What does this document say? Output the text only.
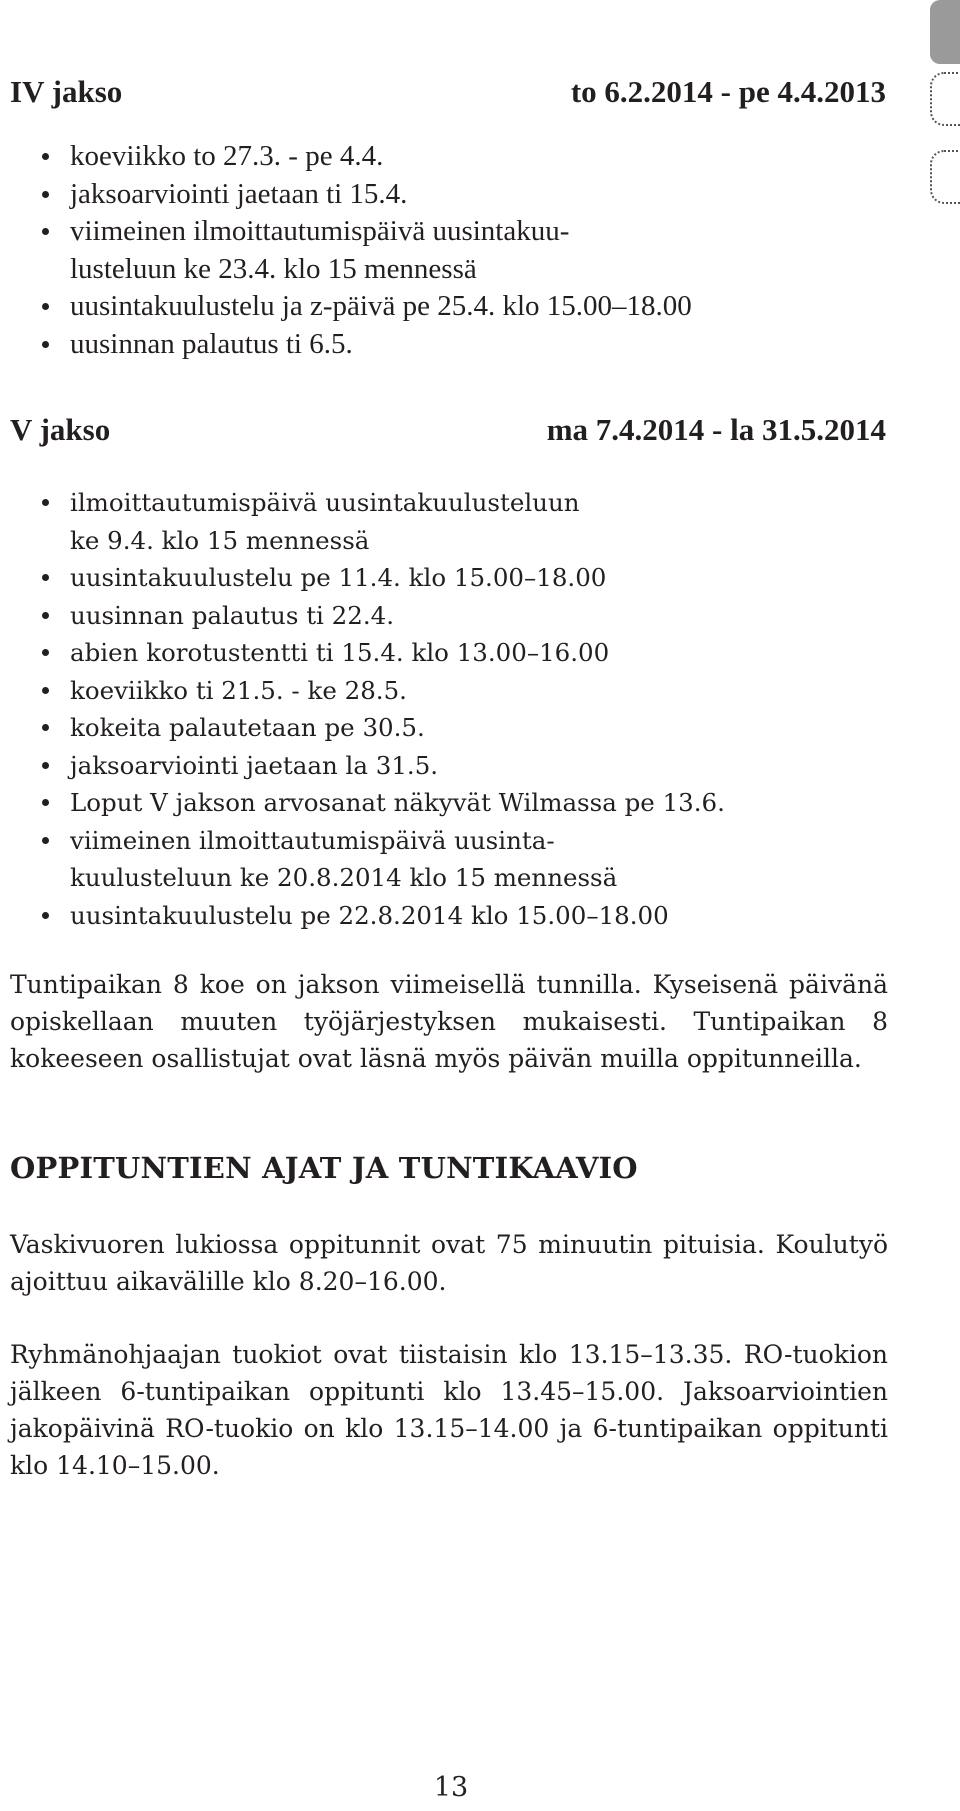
IV jakso	to 6.2.2014 - pe 4.4.2013
koeviikko to 27.3. - pe 4.4.
jaksoarviointi jaetaan ti 15.4.
viimeinen ilmoittautumispäivä uusintakuu-
lusteluun ke 23.4. klo 15 mennessä
uusintakuulustelu ja z-päivä pe 25.4. klo 15.00–18.00
uusinnan palautus ti 6.5.
V jakso	ma 7.4.2014 - la 31.5.2014
ilmoittautumispäivä uusintakuulusteluun
ke 9.4. klo 15 mennessä
uusintakuulustelu pe 11.4. klo 15.00–18.00
uusinnan palautus ti 22.4.
abien korotustentti ti 15.4. klo 13.00–16.00
koeviikko ti 21.5. - ke 28.5.
kokeita palautetaan pe 30.5.
jaksoarviointi jaetaan la 31.5.
Loput V jakson arvosanat näkyvät Wilmassa pe 13.6.
viimeinen ilmoittautumispäivä uusinta-
kuulusteluun ke 20.8.2014 klo 15 mennessä
uusintakuulustelu pe 22.8.2014 klo 15.00–18.00

Tuntipaikan 8 koe on jakson viimeisellä tunnilla. Kyseisenä päivänä opiskellaan muuten työjärjestyksen mukaisesti. Tuntipaikan 8 kokeeseen osallistujat ovat läsnä myös päivän muilla oppitunneilla.

OPPITUNTIEN AJAT JA TUNTIKAAVIO

Vaskivuoren lukiossa oppitunnit ovat 75 minuutin pituisia. Koulutyö ajoittuu aikavälille klo 8.20–16.00.

Ryhmänohjaajan tuokiot ovat tiistaisin klo 13.15–13.35. RO-tuokion jälkeen 6-tuntipaikan oppitunti klo 13.45–15.00. Jaksoarviointien jakopäivinä RO-tuokio on klo 13.15–14.00 ja 6-tuntipaikan oppitunti klo 14.10–15.00.

13
